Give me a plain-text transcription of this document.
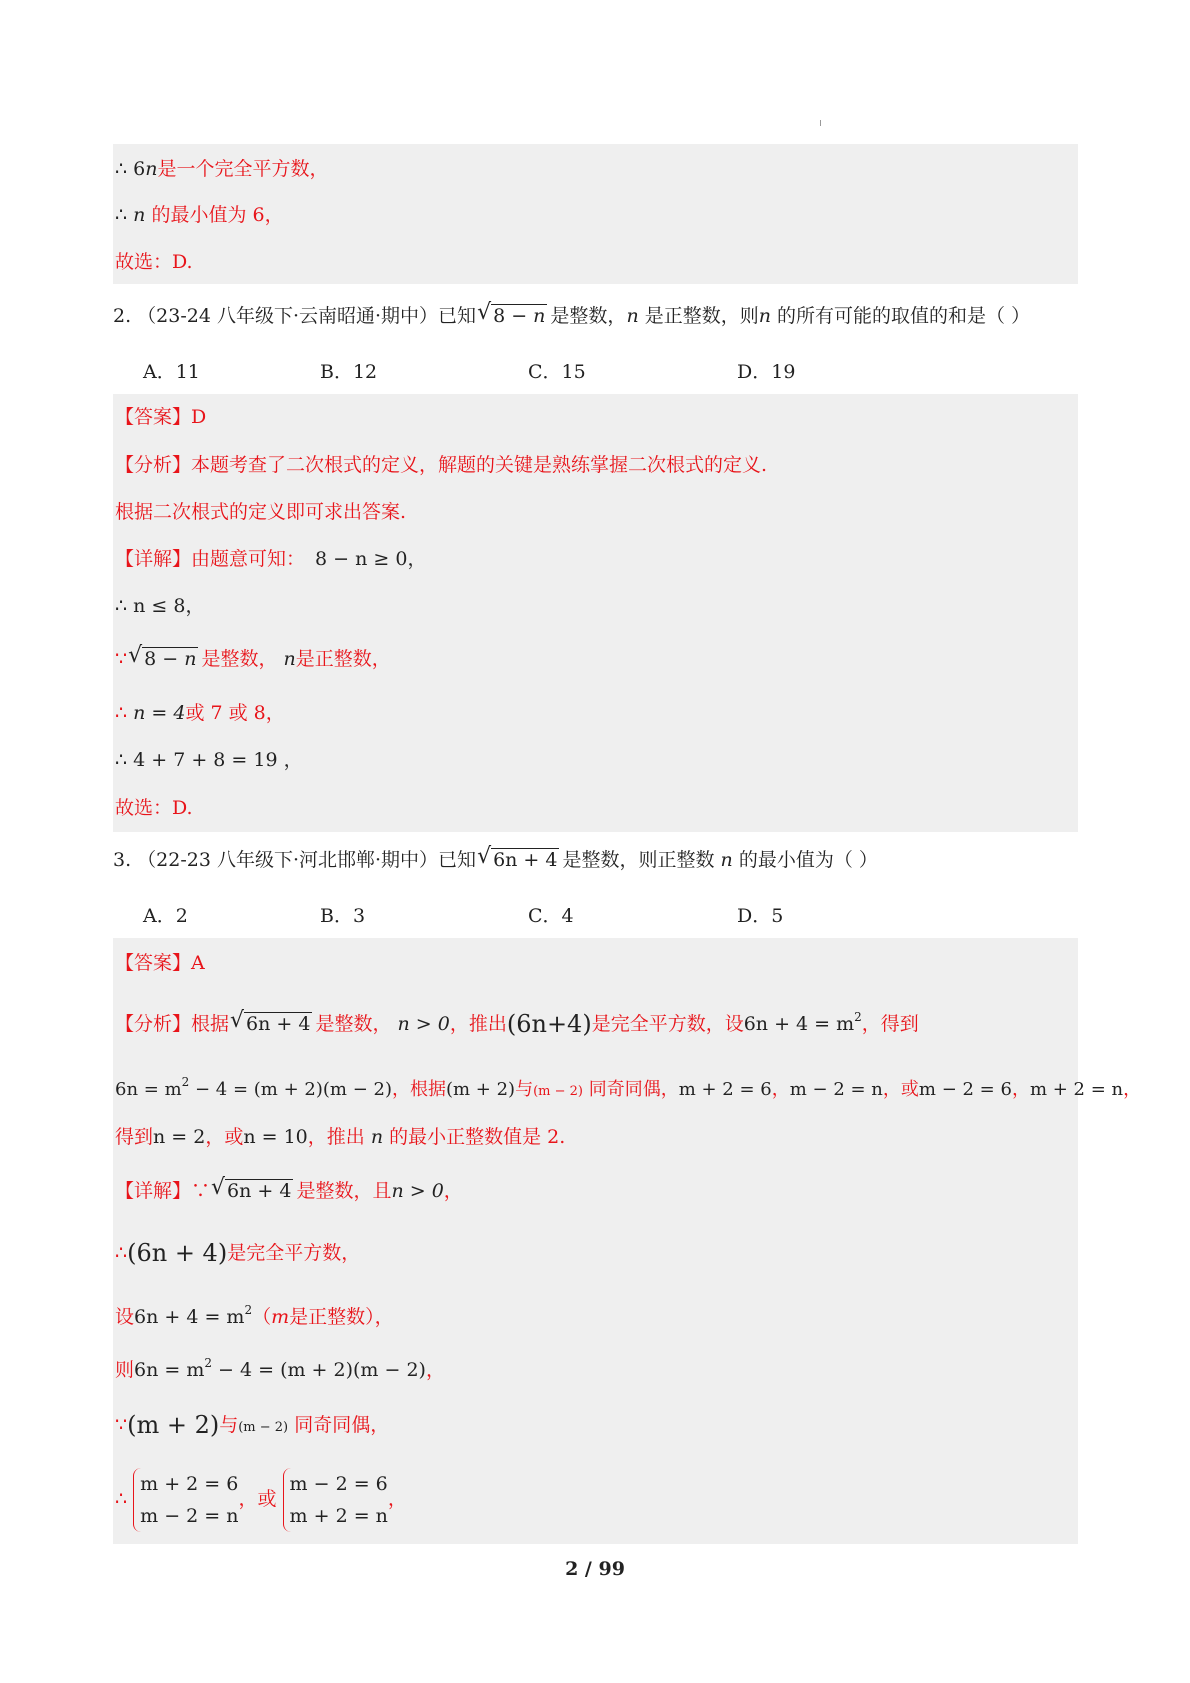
∴ 6n是一个完全平方数，
∴ n 的最小值为 6，
故选：D.
2. （23-24 八年级下·云南昭通·期中）已知 √ 8 − n 是整数，n 是正整数，则n 的所有可能的取值的和是（ ）
A．11	B．12	C．15	D．19
【答案】D
【分析】本题考查了二次根式的定义，解题的关键是熟练掌握二次根式的定义.
根据二次根式的定义即可求出答案.
【详解】由题意可知： 8 − n ≥ 0，
∴ n ≤ 8，
∵ √ 8 − n 是整数， n是正整数，
∴ n = 4或 7 或 8，
∴ 4 + 7 + 8 = 19 ，
故选：D.
3. （22-23 八年级下·河北邯郸·期中）已知 √ 6n + 4 是整数，则正整数 n 的最小值为（ ）
A．2	B．3	C．4	D．5
【答案】A
【分析】根据 √ 6n + 4 是整数， n > 0，推出(6n+4)是完全平方数，设$6n + 4 = m^2$，得到
$6n = m^2 - 4 = (m + 2)(m - 2)$，根据(m + 2)与(m − 2) 同奇同偶，m + 2 = 6，m − 2 = n，或m − 2 = 6，m + 2 = n，
得到n = 2，或n = 10，推出 n 的最小正整数值是 2.
【详解】∵ √ 6n + 4 是整数，且n > 0，
∴(6n + 4)是完全平方数，
设$6n + 4 = m^2(m$是正整数），
则$6n = m^2 - 4 = (m + 2)(m - 2)$，
∵(m + 2)与(m − 2) 同奇同偶，
∴
m + 2 = 6
m − 2 = n
，或
m − 2 = 6
m + 2 = n
，
2 / 99
